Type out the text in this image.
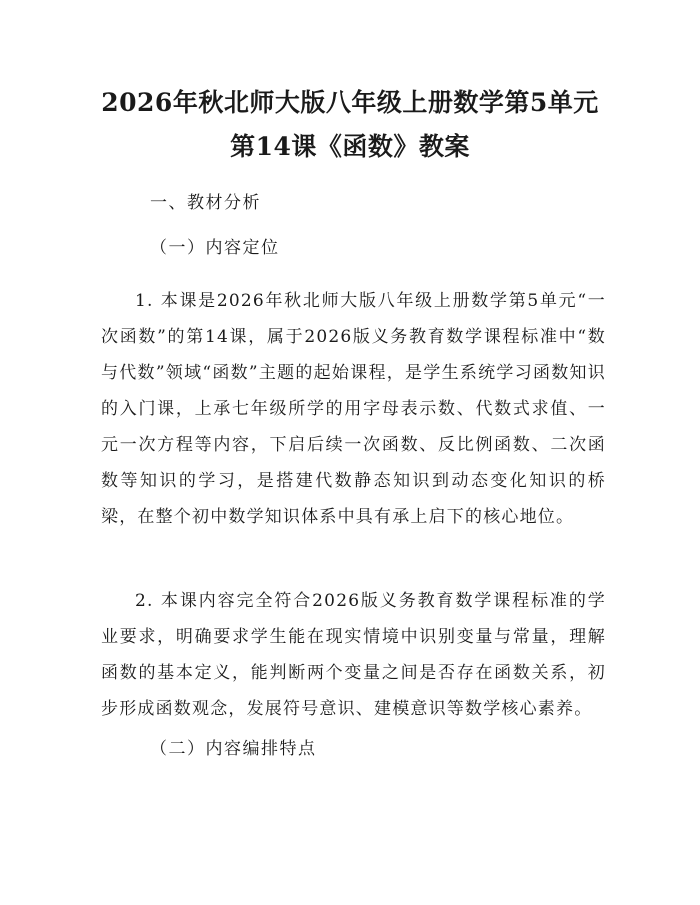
2026年秋北师大版八年级上册数学第5单元
第14课《函数》教案
一、教材分析
（一）内容定位
1. 本课是2026年秋北师大版八年级上册数学第5单元“一次函数”的第14课，属于2026版义务教育数学课程标准中“数与代数”领域“函数”主题的起始课程，是学生系统学习函数知识的入门课，上承七年级所学的用字母表示数、代数式求值、一元一次方程等内容，下启后续一次函数、反比例函数、二次函数等知识的学习，是搭建代数静态知识到动态变化知识的桥梁，在整个初中数学知识体系中具有承上启下的核心地位。
2. 本课内容完全符合2026版义务教育数学课程标准的学业要求，明确要求学生能在现实情境中识别变量与常量，理解函数的基本定义，能判断两个变量之间是否存在函数关系，初步形成函数观念，发展符号意识、建模意识等数学核心素养。
（二）内容编排特点
